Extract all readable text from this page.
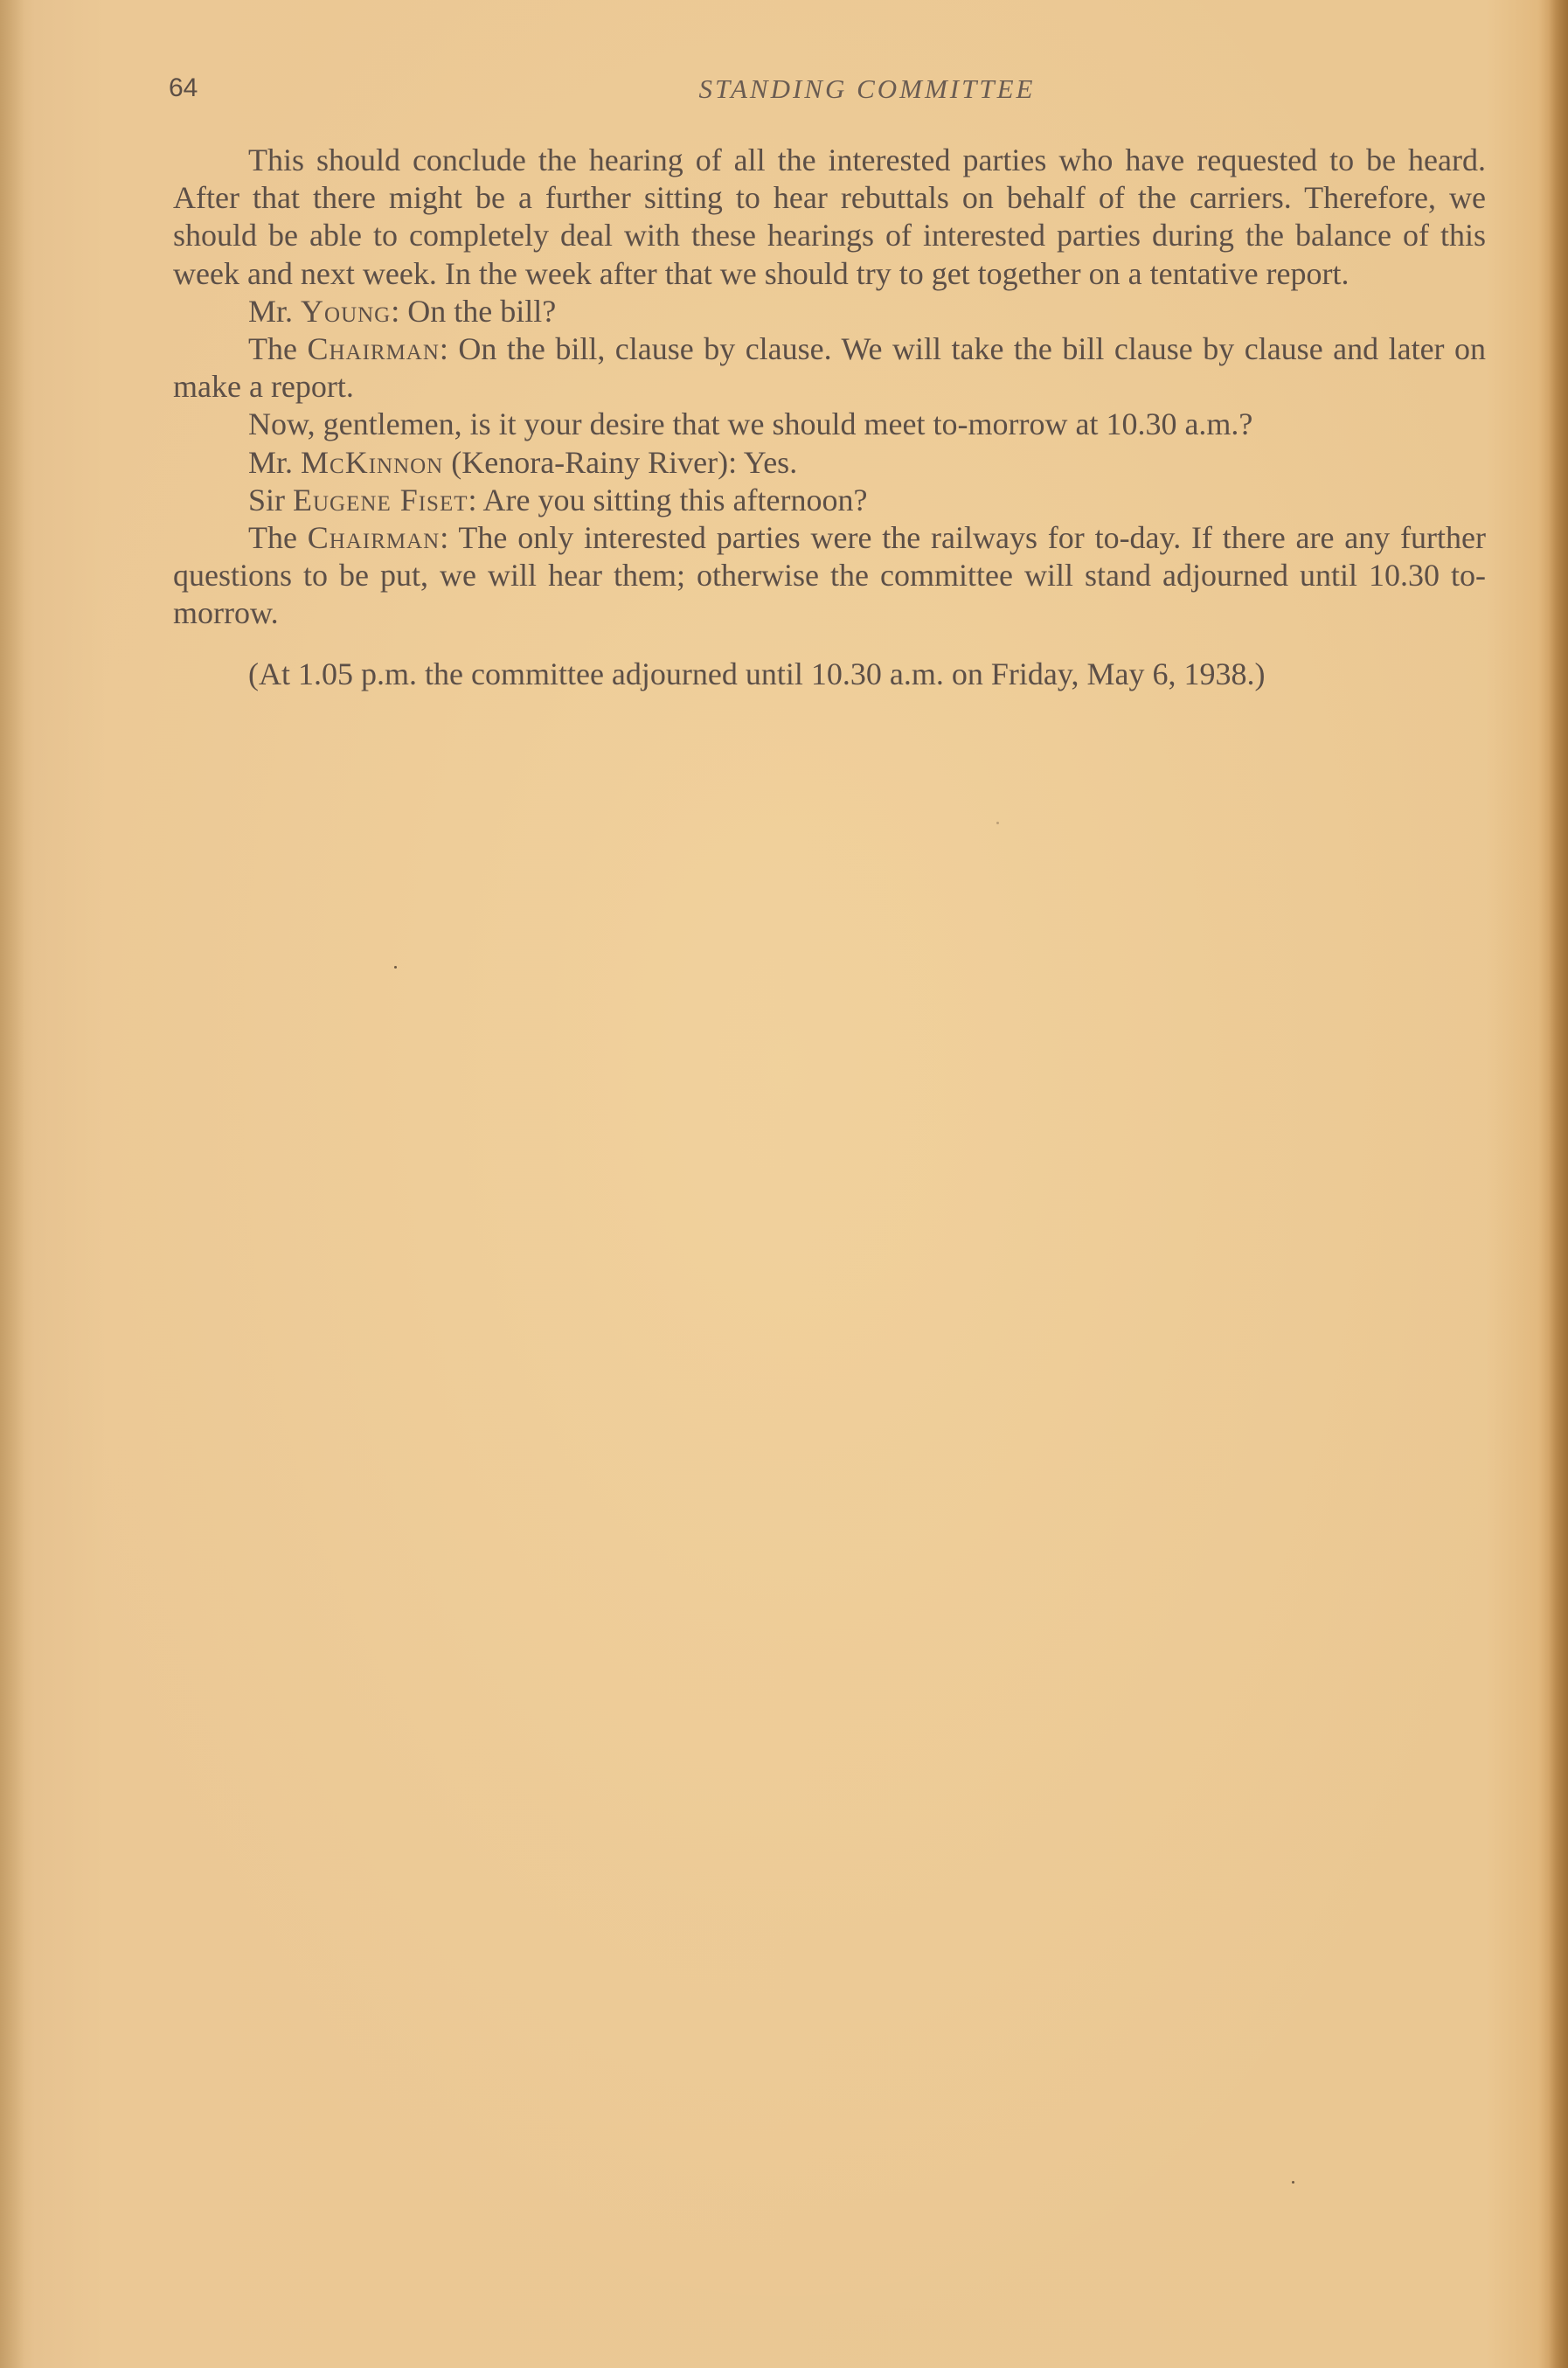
64	STANDING COMMITTEE

This should conclude the hearing of all the interested parties who have requested to be heard. After that there might be a further sitting to hear rebuttals on behalf of the carriers. Therefore, we should be able to completely deal with these hearings of interested parties during the balance of this week and next week. In the week after that we should try to get together on a tentative report.

Mr. Young: On the bill?

The Chairman: On the bill, clause by clause. We will take the bill clause by clause and later on make a report.

Now, gentlemen, is it your desire that we should meet to-morrow at 10.30 a.m.?

Mr. McKinnon (Kenora-Rainy River): Yes.

Sir Eugene Fiset: Are you sitting this afternoon?

The Chairman: The only interested parties were the railways for to-day. If there are any further questions to be put, we will hear them; otherwise the committee will stand adjourned until 10.30 to-morrow.

(At 1.05 p.m. the committee adjourned until 10.30 a.m. on Friday, May 6, 1938.)
